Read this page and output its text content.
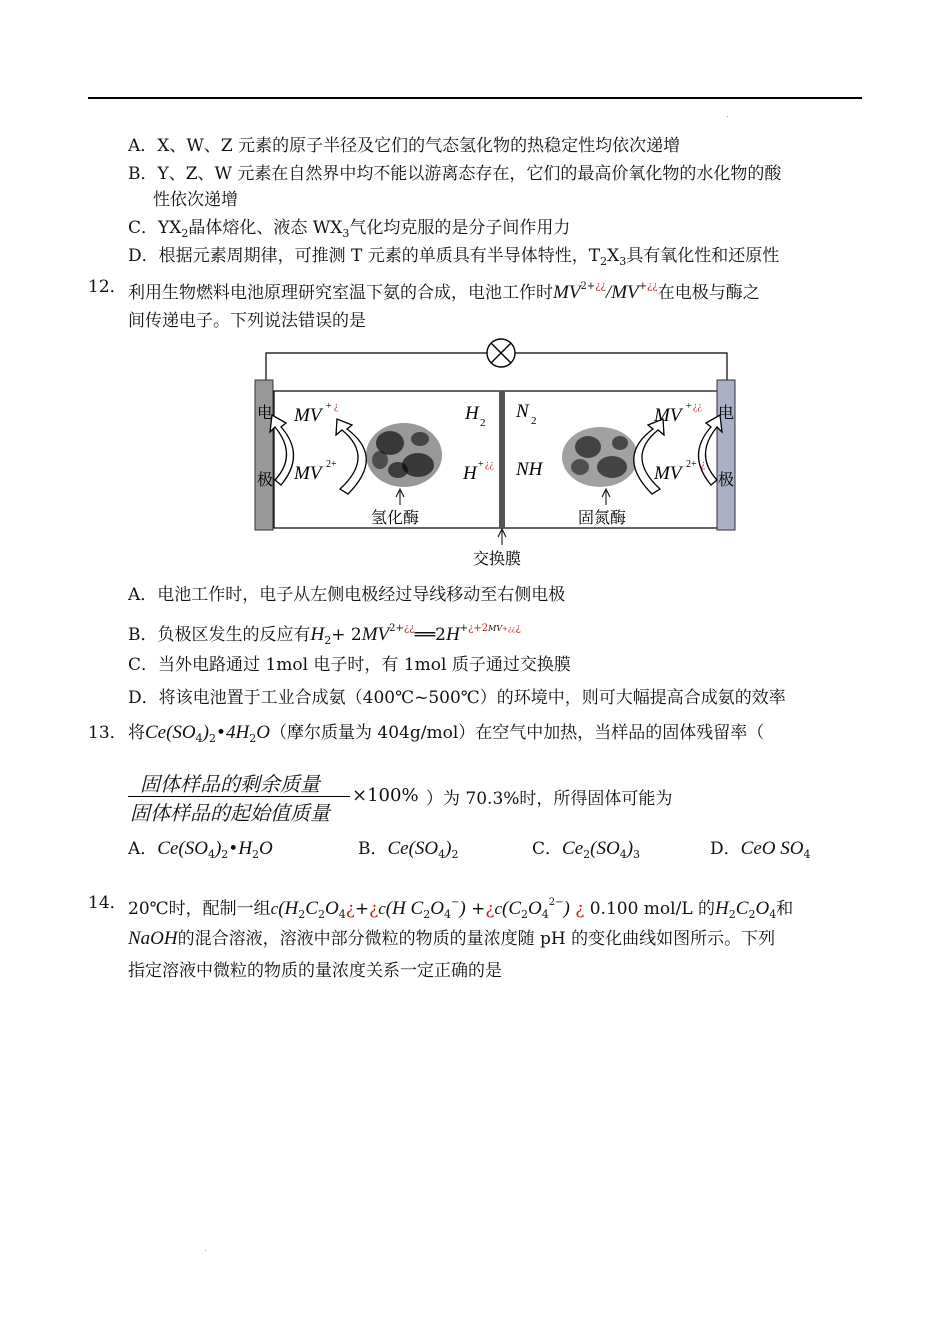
A．X、W、Z 元素的原子半径及它们的气态氢化物的热稳定性均依次递增
B．Y、Z、W 元素在自然界中均不能以游离态存在，它们的最高价氧化物的水化物的酸
性依次递增
C．$YX_2$晶体熔化、液态 $WX_3$气化均克服的是分子间作用力
D．根据元素周期律，可推测 T 元素的单质具有半导体特性，$T_2X_3$具有氧化性和还原性
12． 利用生物燃料电池原理研究室温下氨的合成，电池工作时$MV^{2+¿¿}/MV^{+¿¿}$在电极与酶之
间传递电子。下列说法错误的是
电
极
电
极
MV + ¿
MV 2+
H 2
H + ¿¿
N 2
NH
MV + ¿¿
MV 2+ ¿
氢化酶	固氮酶
交换膜
A．电池工作时，电子从左侧电极经过导线移动至右侧电极
B．负极区发生的反应有$H_2+$ $2MV^{2+¿¿}══2H^{+¿+2MV+¿¿¿}$
C．当外电路通过 1mol 电子时，有 1mol 质子通过交换膜
D．将该电池置于工业合成氨（400℃~500℃）的环境中，则可大幅提高合成氨的效率
13． 将$Ce(SO_4)_2•4H_2O$（摩尔质量为 404g/mol）在空气中加热，当样品的固体残留率（
固体样品的剩余质量
固体样品的起始值质量
×100% ）为 70.3%时，所得固体可能为
A．$Ce(SO_4)_2•H_2O$	B．$Ce(SO_4)_2$	C．$Ce_2(SO_4)_3$	D．CeO $SO_4$
14． 20℃时，配制一组$c(H_2C_2O_4¿+¿c(H$ $C_2O_4^-$) $+¿c(C_2O_4^{2-})$ ¿ 0.100 mol/L 的$H_2C_2O_4$和
NaOH的混合溶液，溶液中部分微粒的物质的量浓度随 pH 的变化曲线如图所示。下列
指定溶液中微粒的物质的量浓度关系一定正确的是
